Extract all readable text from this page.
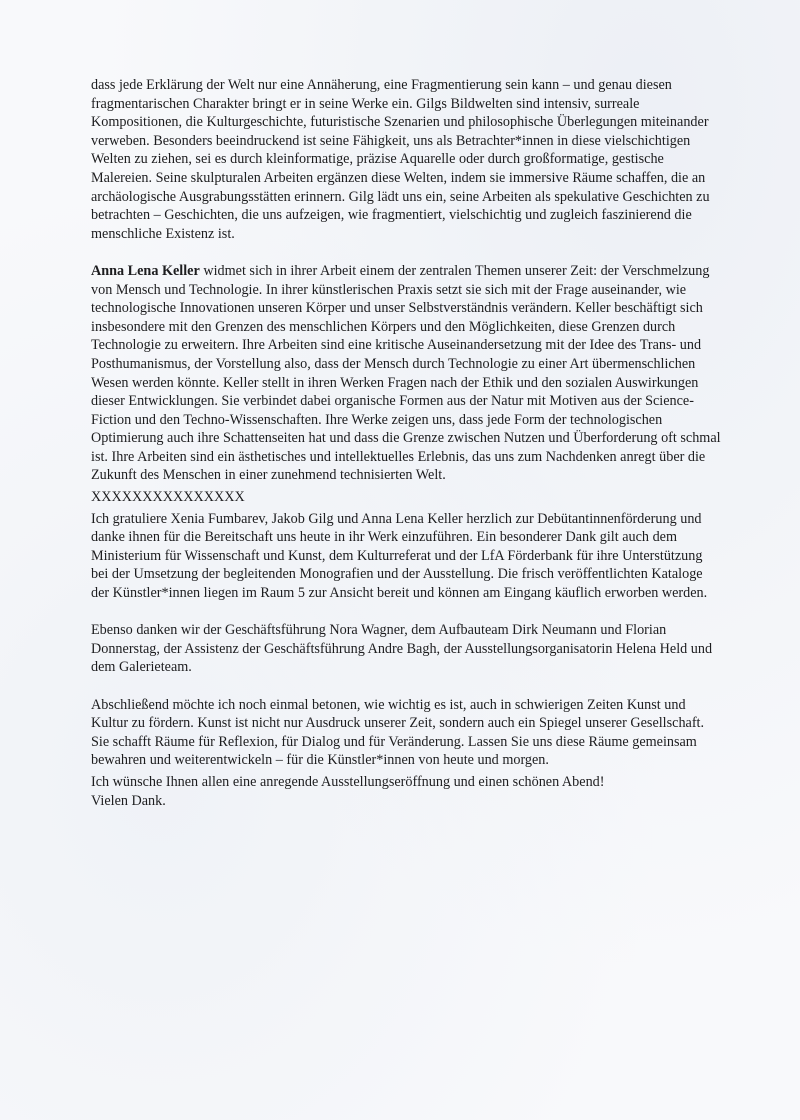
dass jede Erklärung der Welt nur eine Annäherung, eine Fragmentierung sein kann – und genau diesen fragmentarischen Charakter bringt er in seine Werke ein. Gilgs Bildwelten sind intensiv, surreale Kompositionen, die Kulturgeschichte, futuristische Szenarien und philosophische Überlegungen miteinander verweben. Besonders beeindruckend ist seine Fähigkeit, uns als Betrachter*innen in diese vielschichtigen Welten zu ziehen, sei es durch kleinformatige, präzise Aquarelle oder durch großformatige, gestische Malereien. Seine skulpturalen Arbeiten ergänzen diese Welten, indem sie immersive Räume schaffen, die an archäologische Ausgrabungsstätten erinnern. Gilg lädt uns ein, seine Arbeiten als spekulative Geschichten zu betrachten – Geschichten, die uns aufzeigen, wie fragmentiert, vielschichtig und zugleich faszinierend die menschliche Existenz ist.

Anna Lena Keller widmet sich in ihrer Arbeit einem der zentralen Themen unserer Zeit: der Verschmelzung von Mensch und Technologie. In ihrer künstlerischen Praxis setzt sie sich mit der Frage auseinander, wie technologische Innovationen unseren Körper und unser Selbstverständnis verändern. Keller beschäftigt sich insbesondere mit den Grenzen des menschlichen Körpers und den Möglichkeiten, diese Grenzen durch Technologie zu erweitern. Ihre Arbeiten sind eine kritische Auseinandersetzung mit der Idee des Trans- und Posthumanismus, der Vorstellung also, dass der Mensch durch Technologie zu einer Art übermenschlichen Wesen werden könnte. Keller stellt in ihren Werken Fragen nach der Ethik und den sozialen Auswirkungen dieser Entwicklungen. Sie verbindet dabei organische Formen aus der Natur mit Motiven aus der Science-Fiction und den Techno-Wissenschaften. Ihre Werke zeigen uns, dass jede Form der technologischen Optimierung auch ihre Schattenseiten hat und dass die Grenze zwischen Nutzen und Überforderung oft schmal ist. Ihre Arbeiten sind ein ästhetisches und intellektuelles Erlebnis, das uns zum Nachdenken anregt über die Zukunft des Menschen in einer zunehmend technisierten Welt.

XXXXXXXXXXXXXXX

Ich gratuliere Xenia Fumbarev, Jakob Gilg und Anna Lena Keller herzlich zur Debütantinnenförderung und danke ihnen für die Bereitschaft uns heute in ihr Werk einzuführen. Ein besonderer Dank gilt auch dem Ministerium für Wissenschaft und Kunst, dem Kulturreferat und der LfA Förderbank für ihre Unterstützung bei der Umsetzung der begleitenden Monografien und der Ausstellung. Die frisch veröffentlichten Kataloge der Künstler*innen liegen im Raum 5 zur Ansicht bereit und können am Eingang käuflich erworben werden.

Ebenso danken wir der Geschäftsführung Nora Wagner, dem Aufbauteam Dirk Neumann und Florian Donnerstag, der Assistenz der Geschäftsführung Andre Bagh, der Ausstellungsorganisatorin Helena Held und dem Galerieteam.

Abschließend möchte ich noch einmal betonen, wie wichtig es ist, auch in schwierigen Zeiten Kunst und Kultur zu fördern. Kunst ist nicht nur Ausdruck unserer Zeit, sondern auch ein Spiegel unserer Gesellschaft. Sie schafft Räume für Reflexion, für Dialog und für Veränderung. Lassen Sie uns diese Räume gemeinsam bewahren und weiterentwickeln – für die Künstler*innen von heute und morgen.

Ich wünsche Ihnen allen eine anregende Ausstellungseröffnung und einen schönen Abend!

Vielen Dank.
